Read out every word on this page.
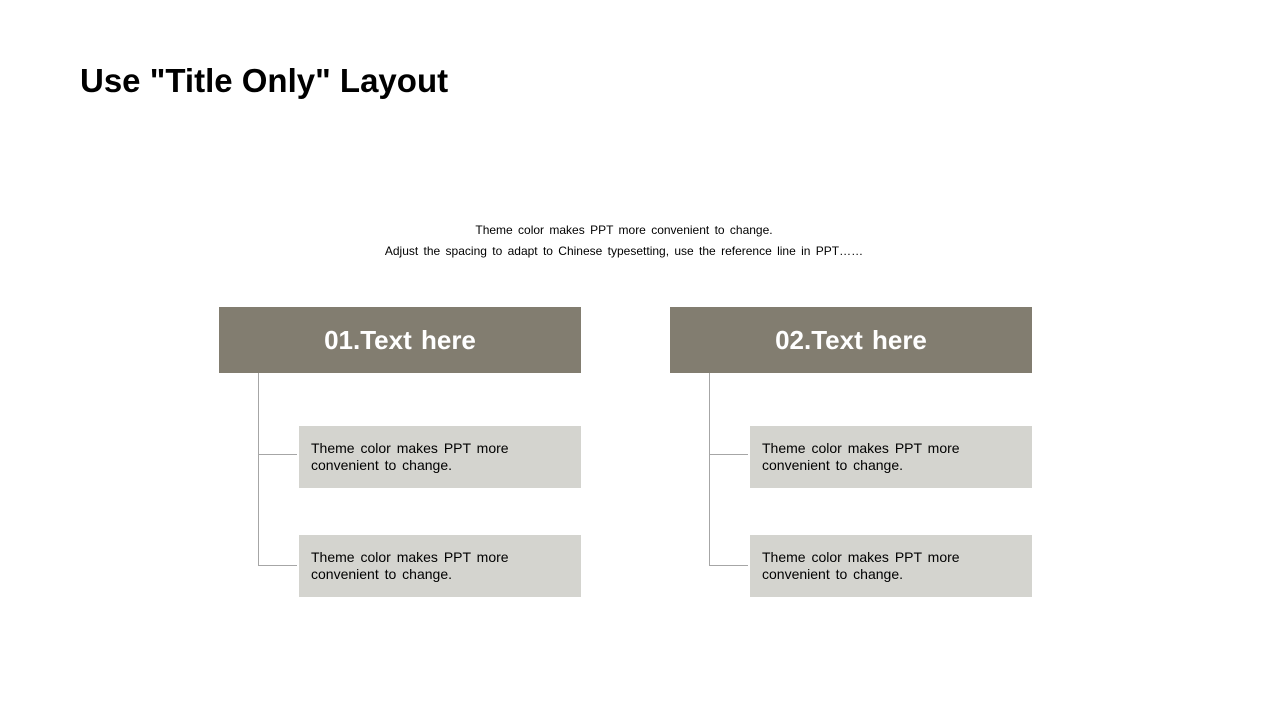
Use "Title Only" Layout

Theme color makes PPT more convenient to change.

Adjust the spacing to adapt to Chinese typesetting, use the reference line in PPT……

01.Text here
Theme color makes PPT more convenient to change.
Theme color makes PPT more convenient to change.
02.Text here
Theme color makes PPT more convenient to change.
Theme color makes PPT more convenient to change.
